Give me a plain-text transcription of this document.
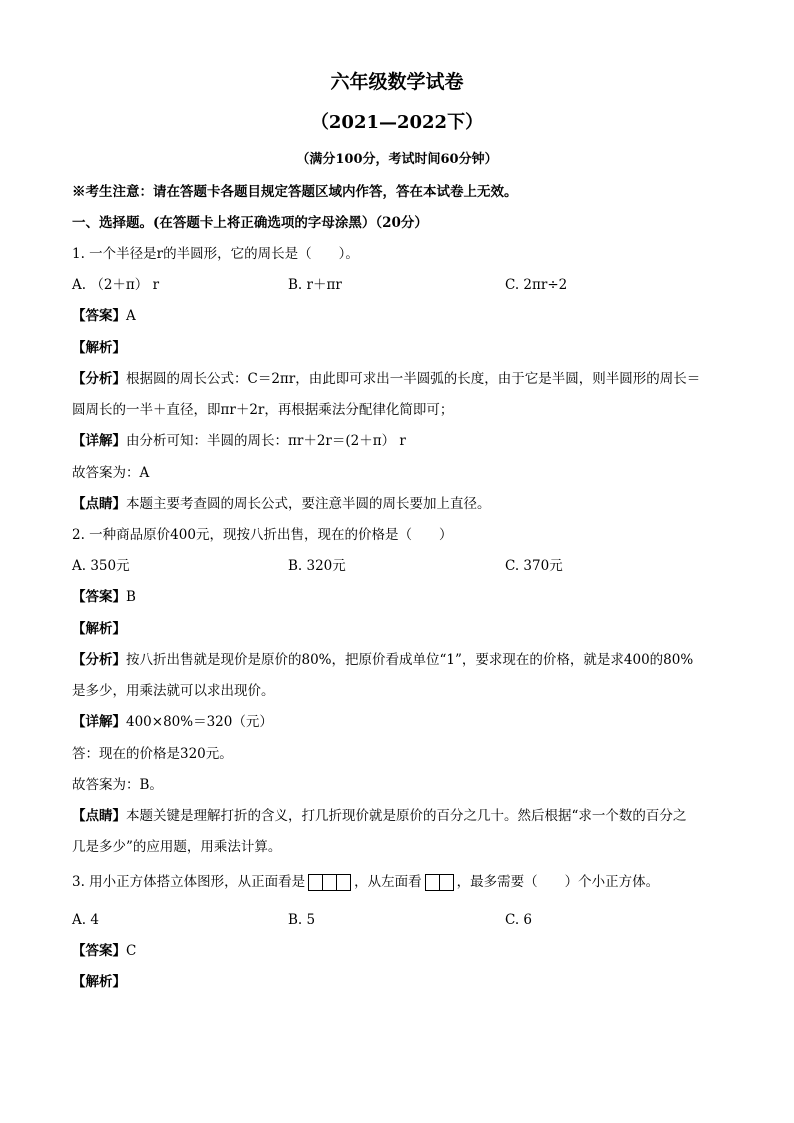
六年级数学试卷
（2021—2022下）
（满分100分，考试时间60分钟）
※考生注意：请在答题卡各题目规定答题区域内作答，答在本试卷上无效。
一、选择题。(在答题卡上将正确选项的字母涂黑）（20分）
1. 一个半径是r的半圆形，它的周长是（　　）。
A. （2＋π） r	B. r＋πr	C. 2πr÷2
【答案】A
【解析】
【分析】根据圆的周长公式：C＝2πr，由此即可求出一半圆弧的长度，由于它是半圆，则半圆形的周长＝
圆周长的一半＋直径，即πr＋2r，再根据乘法分配律化简即可；
【详解】由分析可知：半圆的周长：πr＋2r＝(2＋π） r
故答案为：A
【点睛】本题主要考查圆的周长公式，要注意半圆的周长要加上直径。
2. 一种商品原价400元，现按八折出售，现在的价格是（　　）
A. 350元	B. 320元	C. 370元
【答案】B
【解析】
【分析】按八折出售就是现价是原价的80%，把原价看成单位“1”，要求现在的价格，就是求400的80%
是多少，用乘法就可以求出现价。
【详解】400×80%＝320（元）
答：现在的价格是320元。
故答案为：B。
【点睛】本题关键是理解打折的含义，打几折现价就是原价的百分之几十。然后根据“求一个数的百分之
几是多少”的应用题，用乘法计算。
3. 用小正方体搭立体图形，从正面看是	，从左面看	，最多需要（　　）个小正方体。
A. 4	B. 5	C. 6
【答案】C
【解析】
